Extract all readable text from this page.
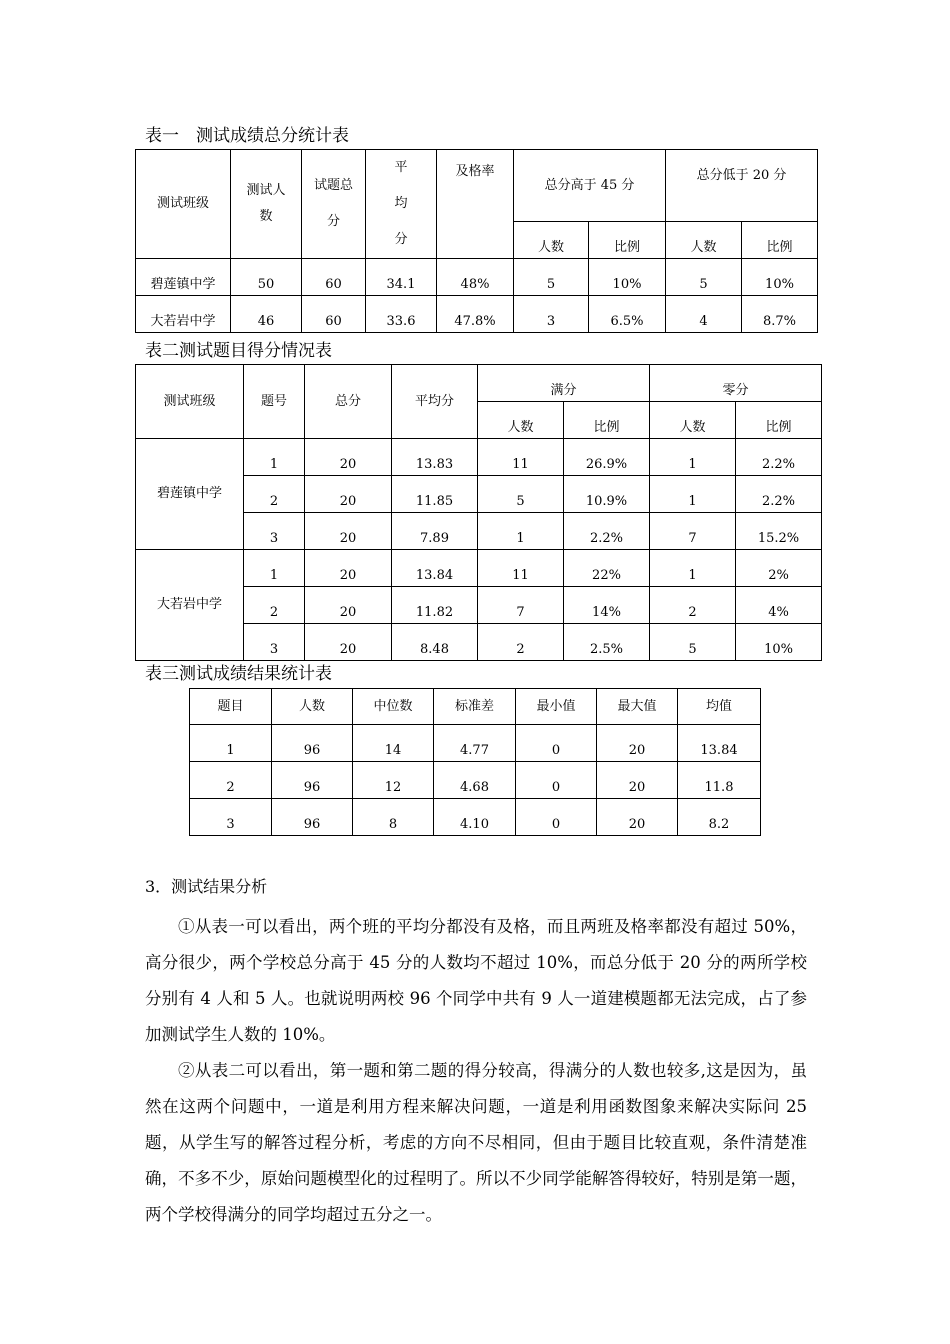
表一　测试成绩总分统计表
测试班级	测试人数	试题总分	平均分	及格率	总分高于 45 分		总分低于 20 分	
					人数	比例	人数	比例
碧莲镇中学	50	60	34.1	48%	5	10%	5	10%
大若岩中学	46	60	33.6	47.8%	3	6.5%	4	8.7%
表二测试题目得分情况表
测试班级	题号	总分	平均分	满分		零分	
				人数	比例	人数	比例
碧莲镇中学	1	20	13.83	11	26.9%	1	2.2%
	2	20	11.85	5	10.9%	1	2.2%
	3	20	7.89	1	2.2%	7	15.2%
大若岩中学	1	20	13.84	11	22%	1	2%
	2	20	11.82	7	14%	2	4%
	3	20	8.48	2	2.5%	5	10%
表三测试成绩结果统计表
题目	人数	中位数	标准差	最小值	最大值	均值
1	96	14	4.77	0	20	13.84
2	96	12	4.68	0	20	11.8
3	96	8	4.10	0	20	8.2
3．测试结果分析

①从表一可以看出，两个班的平均分都没有及格，而且两班及格率都没有超过 50%，高分很少，两个学校总分高于 45 分的人数均不超过 10%，而总分低于 20 分的两所学校分别有 4 人和 5 人。也就说明两校 96 个同学中共有 9 人一道建模题都无法完成，占了参加测试学生人数的 10%。

②从表二可以看出，第一题和第二题的得分较高，得满分的人数也较多,这是因为，虽然在这两个问题中，一道是利用方程来解决问题，一道是利用函数图象来解决实际问 25 题，从学生写的解答过程分析，考虑的方向不尽相同，但由于题目比较直观，条件清楚准确，不多不少，原始问题模型化的过程明了。所以不少同学能解答得较好，特别是第一题，两个学校得满分的同学均超过五分之一。
